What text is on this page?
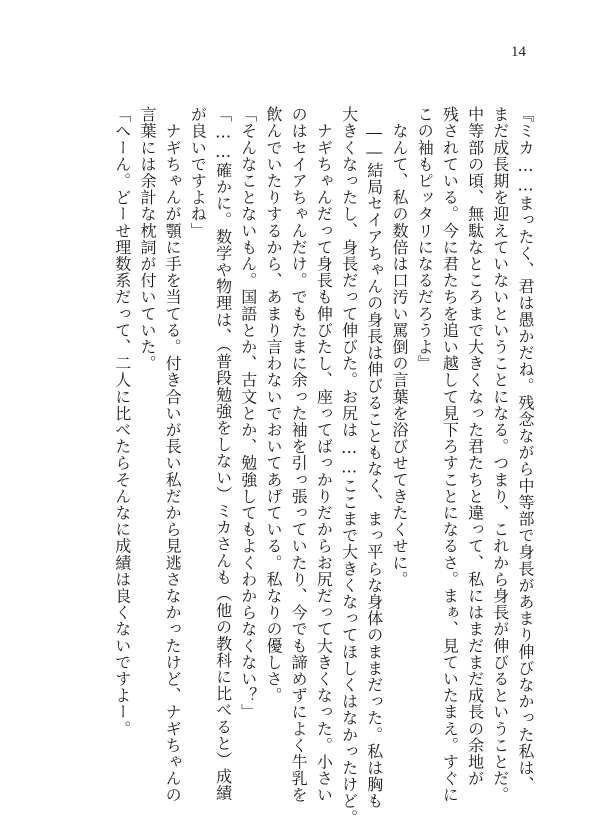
14
『ミカ……まったく、君は愚かだね。残念ながら中等部で身長があまり伸びなかった私は、
まだ成長期を迎えていないということになる。つまり、これから身長が伸びるということだ。
中等部の頃、無駄なところまで大きくなった君たちと違って、私にはまだまだ成長の余地が
残されている。今に君たちを追い越して見下ろすことになるさ。まぁ、見ていたまえ。すぐに
この袖もピッタリになるだろうよ』
　なんて、私の数倍は口汚い罵倒の言葉を浴びせてきたくせに。
　――結局セイアちゃんの身長は伸びることもなく、まっ平らな身体のままだった。私は胸も
大きくなったし、身長だって伸びた。お尻は……ここまで大きくなってほしくはなかったけど。
　ナギちゃんだって身長も伸びたし、座ってばっかりだからお尻だって大きくなった。小さい
のはセイアちゃんだけ。でもたまに余った袖を引っ張っていたり、今でも諦めずによく牛乳を
飲んでいたりするから、あまり言わないでおいてあげている。私なりの優しさ。
「そんなことないもん。国語とか、古文とか、勉強してもよくわからなくない？」
「……確かに。数学や物理は、（普段勉強をしない）ミカさんも（他の教科に比べると）成績
が良いですよね」
　ナギちゃんが顎に手を当てる。付き合いが長い私だから見逃さなかったけど、ナギちゃんの
言葉には余計な枕詞が付いていた。
「へーん。どーせ理数系だって、二人に比べたらそんなに成績は良くないですよー。
